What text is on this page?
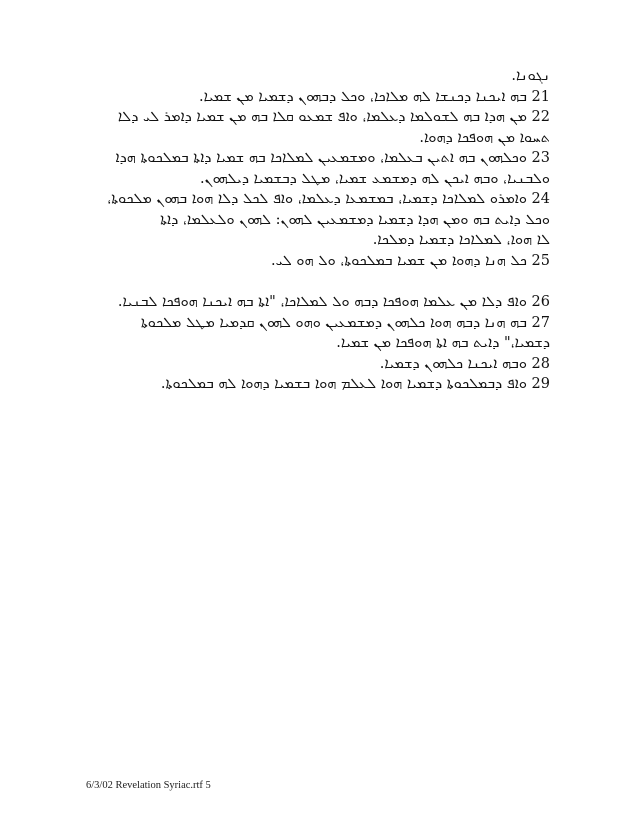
ܢܓܘܢܐ.
21 ܒܗ ܐܝܟܢܐ ܕܟܢܫܐ ܠܗ ܡܠܐܟܐ، ܘܟܠ ܕܒܗܘܢ ܕܫܡܝܐ ܡܢ ܫܡܝܐ.
22 ܡܢ ܗܕܐ ܒܗ ܠܫܘܠܡܐ ܕܥܠܡܐ، ܘܐܦ ܫܡܥܘ ܩܠܐ ܒܗ ܡܢ ܫܡܝܐ ܕܐܡܪ ܠܝ ܕܠܐ
ܬܚܘܐ ܡܢ ܗܘܦܟܐ ܕܗܘܐ.
23 ܘܟܠܗܘܢ ܒܗ ܐܬܝܢ ܒܥܠܡܐ، ܘܡܫܡܥܝܢ ܠܡܠܐܟܐ ܒܗ ܫܡܝܐ ܕܐܬܐ ܒܡܠܟܘܬܐ ܗܕܐ
ܘܠܒܢܝܐ، ܘܒܗ ܐܝܟܢ ܠܗ ܕܡܫܡܥ ܫܡܝܐ، ܡܛܠ ܕܒܫܡܝܐ ܕܝܠܗܘܢ.
24 ܘܐܡܪܘ ܠܡܠܐܟܐ ܕܫܡܝܐ، ܒܡܫܡܥܐ ܕܥܠܡܐ، ܘܐܦ ܠܟܠ ܕܠܐ ܗܘܐ ܒܗܘܢ ܡܠܟܘܬܐ،
ܘܟܠ ܕܐܝܬ ܒܗ ܘܡܢ ܗܕܐ ܕܫܡܝܐ ܕܡܫܡܥܝܢ ܠܗܘܢ: ܠܗܘܢ ܘܠܥܠܡܐ، ܕܐܬܐ
ܠܐ ܗܘܐ، ܠܡܠܐܟܐ ܕܫܡܝܐ ܕܡܠܟܐ.
25 ܟܠ ܗܢܐ ܕܗܘܐ ܡܢ ܫܡܝܐ ܒܡܠܟܘܬܐ، ܘܠ ܗܘ ܠܝ.
26 ܘܐܦ ܕܠܐ ܡܢ ܥܠܡܐ ܗܘܦܟܐ ܕܒܗ ܘܠ ܠܡܠܐܟܐ، "ܐܬܐ ܒܗ ܐܝܟܢܐ ܗܘܦܟܐ ܠܒܢܝܐ.
27 ܒܗ ܗܢܐ ܕܒܗ ܗܘܐ ܟܠܗܘܢ ܕܡܫܡܥܝܢ ܘܗܘ ܠܗܘܢ ܩܕܡܝܐ ܡܛܠ ܡܠܟܘܬܐ
ܕܫܡܝܐ،" ܕܐܝܬ ܒܗ ܐܬܐ ܗܘܦܟܐ ܡܢ ܫܡܝܐ.
28 ܘܒܗ ܐܝܟܢܐ ܟܠܗܘܢ ܕܫܡܝܐ.
29 ܘܐܦ ܕܒܡܠܟܘܬܐ ܕܫܡܝܐ ܗܘܐ ܠܥܠܡ ܗܘܐ ܒܫܡܝܐ ܕܗܘܐ ܠܗ ܒܡܠܟܘܬܐ.
6/3/02 Revelation Syriac.rtf 5
